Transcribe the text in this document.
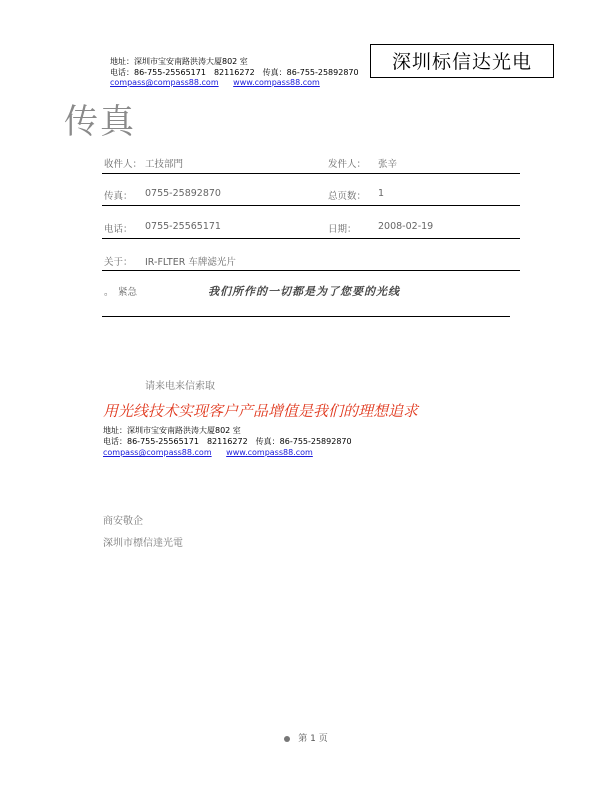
地址：深圳市宝安南路洪涛大厦802 室
电话：86-755-25565171　82116272　传真：86-755-25892870
compass@compass88.com www.compass88.com
深圳标信达光电
传真
收件人： 工技部門	发件人： 张辛
传真： 0755-25892870	总页数： 1
电话： 0755-25565171	日期： 2008-02-19
关于： IR-FLTER 车牌滤光片
。 紧急	我们所作的一切都是为了您要的光线
请来电来信索取
用光线技术实现客户产品增值是我们的理想追求
地址：深圳市宝安南路洪涛大厦802 室
电话：86-755-25565171　82116272　传真：86-755-25892870
compass@compass88.com www.compass88.com
商安敬企
深圳市標信達光電
第 1 页
